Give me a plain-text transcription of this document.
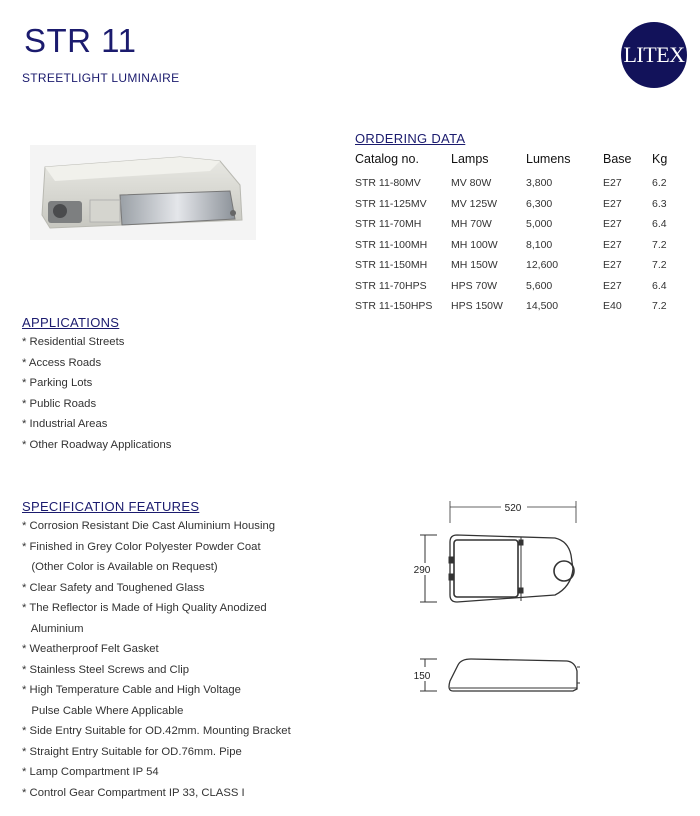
STR 11
STREETLIGHT LUMINAIRE
LITEX
ORDERING DATA
Catalog no.	Lamps	Lumens	Base	Kg
STR 11-80MV	MV 80W	3,800	E27	6.2
STR 11-125MV	MV 125W	6,300	E27	6.3
STR 11-70MH	MH 70W	5,000	E27	6.4
STR 11-100MH	MH 100W	8,100	E27	7.2
STR 11-150MH	MH 150W	12,600	E27	7.2
STR 11-70HPS	HPS 70W	5,600	E27	6.4
STR 11-150HPS	HPS 150W	14,500	E40	7.2
APPLICATIONS
* Residential Streets
* Access Roads
* Parking Lots
* Public Roads
* Industrial Areas
* Other Roadway Applications
SPECIFICATION FEATURES
* Corrosion Resistant Die Cast Aluminium Housing
* Finished in Grey Color Polyester Powder Coat
(Other Color is Available on Request)
* Clear Safety and Toughened Glass
* The Reflector is Made of High Quality Anodized
Aluminium
* Weatherproof Felt Gasket
* Stainless Steel Screws and Clip
* High Temperature Cable and High Voltage
Pulse Cable Where Applicable
* Side Entry Suitable for OD.42mm. Mounting Bracket
* Straight Entry Suitable for OD.76mm. Pipe
* Lamp Compartment IP 54
* Control Gear Compartment IP 33, CLASS I
520
290
150
